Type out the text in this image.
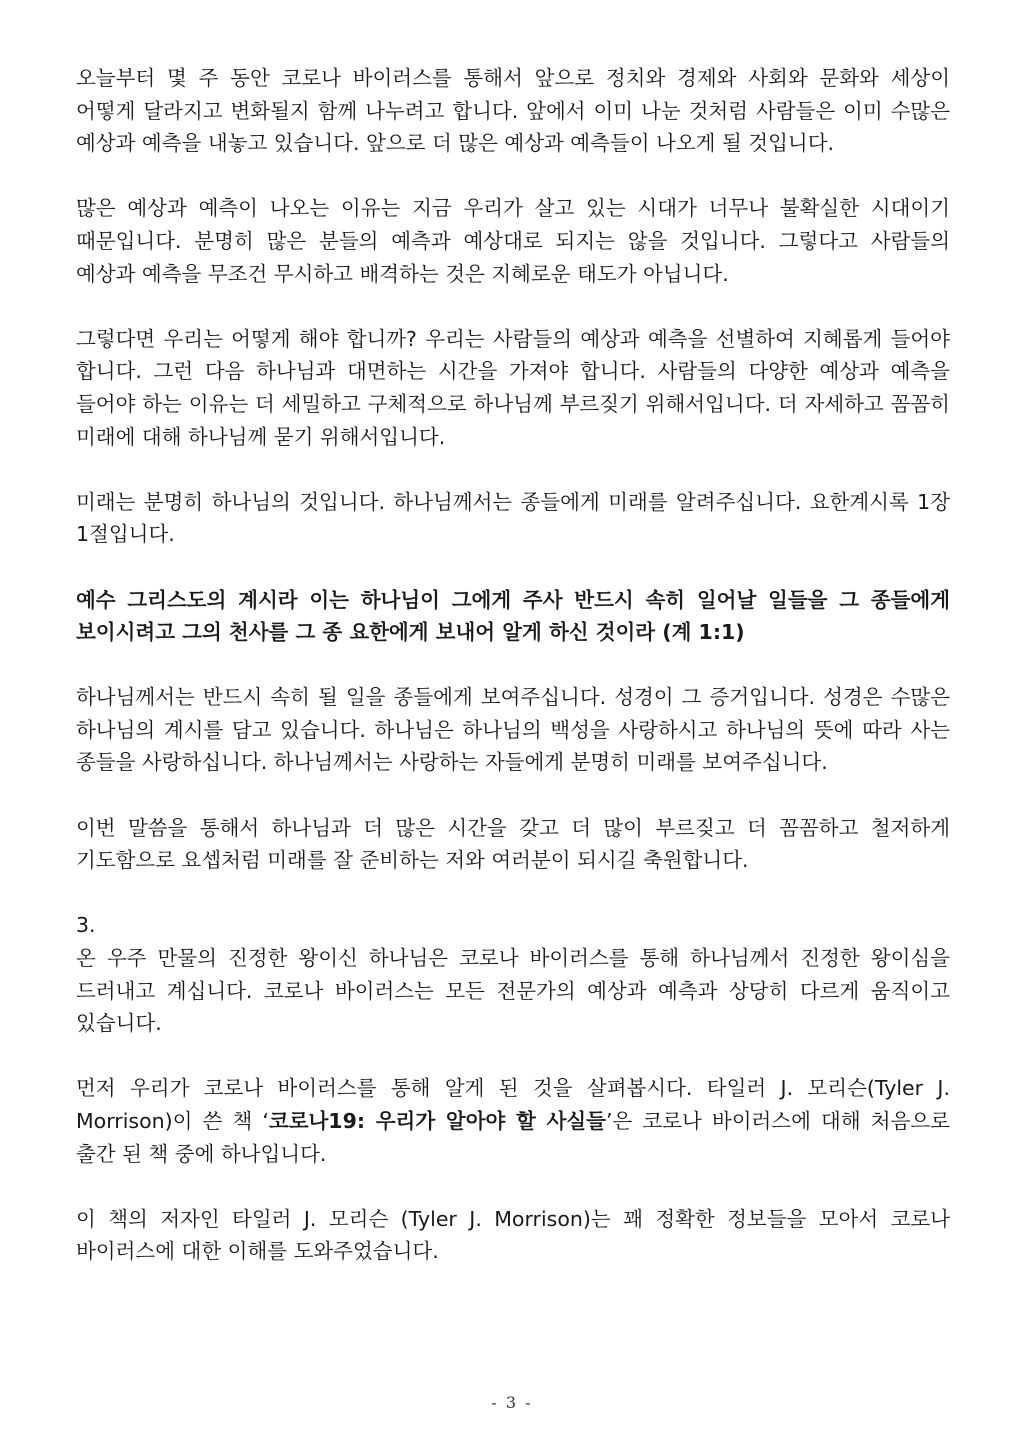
오늘부터 몇 주 동안 코로나 바이러스를 통해서 앞으로 정치와 경제와 사회와 문화와 세상이 어떻게 달라지고 변화될지 함께 나누려고 합니다. 앞에서 이미 나눈 것처럼 사람들은 이미 수많은 예상과 예측을 내놓고 있습니다. 앞으로 더 많은 예상과 예측들이 나오게 될 것입니다.

많은 예상과 예측이 나오는 이유는 지금 우리가 살고 있는 시대가 너무나 불확실한 시대이기 때문입니다. 분명히 많은 분들의 예측과 예상대로 되지는 않을 것입니다. 그렇다고 사람들의 예상과 예측을 무조건 무시하고 배격하는 것은 지혜로운 태도가 아닙니다.

그렇다면 우리는 어떻게 해야 합니까? 우리는 사람들의 예상과 예측을 선별하여 지혜롭게 들어야 합니다. 그런 다음 하나님과 대면하는 시간을 가져야 합니다. 사람들의 다양한 예상과 예측을 들어야 하는 이유는 더 세밀하고 구체적으로 하나님께 부르짖기 위해서입니다. 더 자세하고 꼼꼼히 미래에 대해 하나님께 묻기 위해서입니다.

미래는 분명히 하나님의 것입니다. 하나님께서는 종들에게 미래를 알려주십니다. 요한계시록 1장 1절입니다.

예수 그리스도의 계시라 이는 하나님이 그에게 주사 반드시 속히 일어날 일들을 그 종들에게 보이시려고 그의 천사를 그 종 요한에게 보내어 알게 하신 것이라 (계 1:1)

하나님께서는 반드시 속히 될 일을 종들에게 보여주십니다. 성경이 그 증거입니다. 성경은 수많은 하나님의 계시를 담고 있습니다. 하나님은 하나님의 백성을 사랑하시고 하나님의 뜻에 따라 사는 종들을 사랑하십니다. 하나님께서는 사랑하는 자들에게 분명히 미래를 보여주십니다.

이번 말씀을 통해서 하나님과 더 많은 시간을 갖고 더 많이 부르짖고 더 꼼꼼하고 철저하게 기도함으로 요셉처럼 미래를 잘 준비하는 저와 여러분이 되시길 축원합니다.

3.

온 우주 만물의 진정한 왕이신 하나님은 코로나 바이러스를 통해 하나님께서 진정한 왕이심을 드러내고 계십니다. 코로나 바이러스는 모든 전문가의 예상과 예측과 상당히 다르게 움직이고 있습니다.

먼저 우리가 코로나 바이러스를 통해 알게 된 것을 살펴봅시다. 타일러 J. 모리슨(Tyler J. Morrison)이 쓴 책 ‘코로나19: 우리가 알아야 할 사실들’은 코로나 바이러스에 대해 처음으로 출간 된 책 중에 하나입니다.

이 책의 저자인 타일러 J. 모리슨 (Tyler J. Morrison)는 꽤 정확한 정보들을 모아서 코로나 바이러스에 대한 이해를 도와주었습니다.

- 3 -
